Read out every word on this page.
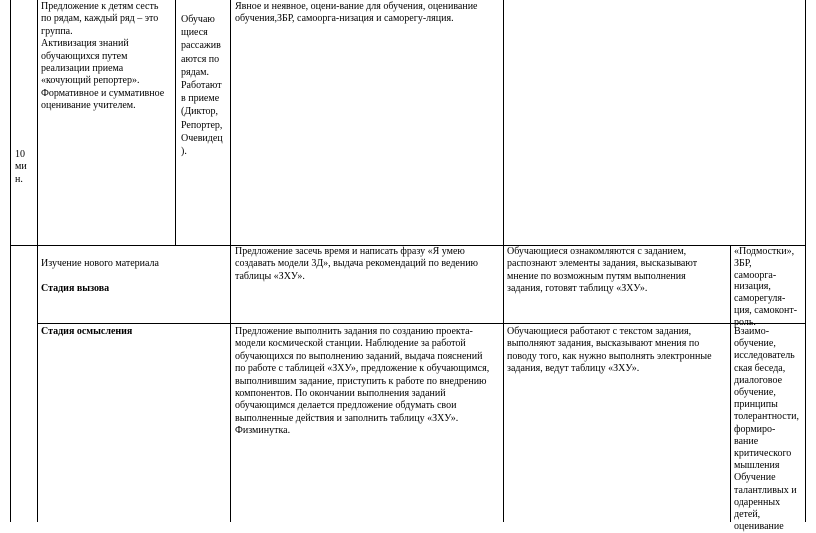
10
ми
н.
Предложение к детям сесть
по рядам, каждый ряд – это
группа.
Активизация знаний
обучающихся путем
реализации приема
«кочующий репортер».
Формативное и суммативное
оценивание учителем.
Обучаю
щиеся
рассажив
аются по
рядам.
Работают
в приеме
(Диктор,
Репортер,
Очевидец
).
Явное и неявное, оцени-вание для обучения, оценивание
обучения,ЗБР, самоорга-низация и саморегу-ляция.

Изучение нового материала

Стадия вызова

Предложение засечь время и написать фразу «Я умею
создавать модели 3Д», выдача рекомендаций по ведению
таблицы «ЗХУ».
Обучающиеся ознакомляются с заданием,
распознают элементы задания, высказывают
мнение по возможным путям выполнения
задания, готовят таблицу «ЗХУ».
«Подмостки»,
ЗБР,
самоорга-
низация,
саморегуля-
ция, самоконт-
роль.
Стадия осмысления	Предложение выполнить задания по созданию проекта-
модели космической станции. Наблюдение за работой
обучающихся по выполнению заданий, выдача пояснений
по работе с таблицей «ЗХУ», предложение к обучающимся,
выполнившим задание, приступить к работе по внедрению
компонентов. По окончании выполнения заданий
обучающимся делается предложение обдумать свои
выполненные действия и заполнить таблицу «ЗХУ».
Физминутка.
Обучающиеся работают с текстом задания,
выполняют задания, высказывают мнения по
поводу того, как нужно выполнять электронные
задания, ведут таблицу «ЗХУ».
Взаимо-
обучение,
исследователь
ская беседа,
диалоговое
обучение,
принципы
толерантности,
формиро-
вание
критического
мышления
Обучение
талантливых и
одаренных
детей,
оценивание
